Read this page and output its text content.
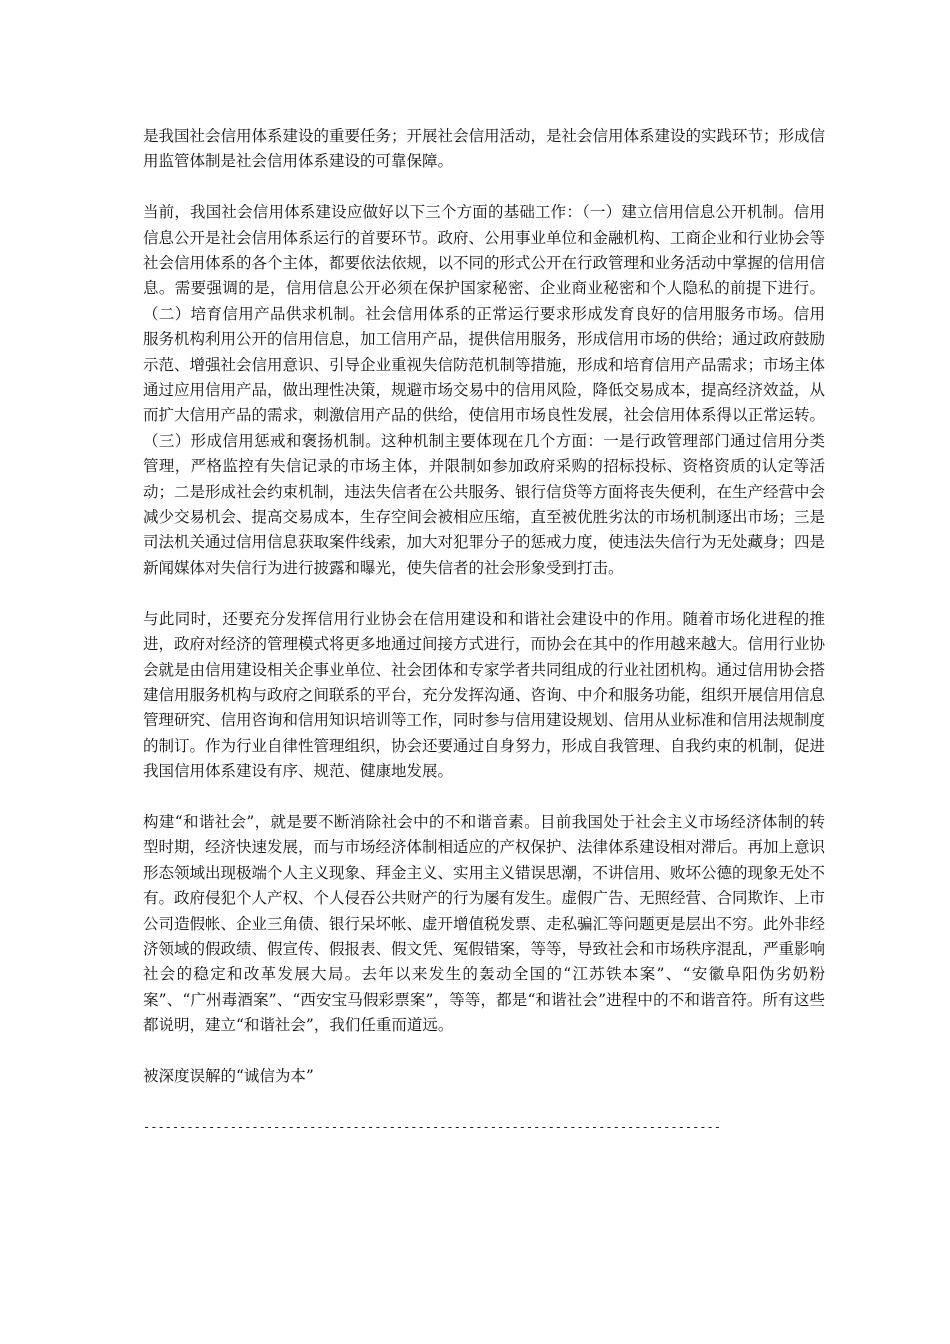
是我国社会信用体系建设的重要任务；开展社会信用活动，是社会信用体系建设的实践环节；形成信用监管体制是社会信用体系建设的可靠保障。

当前，我国社会信用体系建设应做好以下三个方面的基础工作：（一）建立信用信息公开机制。信用信息公开是社会信用体系运行的首要环节。政府、公用事业单位和金融机构、工商企业和行业协会等社会信用体系的各个主体，都要依法依规，以不同的形式公开在行政管理和业务活动中掌握的信用信息。需要强调的是，信用信息公开必须在保护国家秘密、企业商业秘密和个人隐私的前提下进行。（二）培育信用产品供求机制。社会信用体系的正常运行要求形成发育良好的信用服务市场。信用服务机构利用公开的信用信息，加工信用产品，提供信用服务，形成信用市场的供给；通过政府鼓励示范、增强社会信用意识、引导企业重视失信防范机制等措施，形成和培育信用产品需求；市场主体通过应用信用产品，做出理性决策，规避市场交易中的信用风险，降低交易成本，提高经济效益，从而扩大信用产品的需求，刺激信用产品的供给，使信用市场良性发展，社会信用体系得以正常运转。（三）形成信用惩戒和褒扬机制。这种机制主要体现在几个方面：一是行政管理部门通过信用分类管理，严格监控有失信记录的市场主体，并限制如参加政府采购的招标投标、资格资质的认定等活动；二是形成社会约束机制，违法失信者在公共服务、银行信贷等方面将丧失便利，在生产经营中会减少交易机会、提高交易成本，生存空间会被相应压缩，直至被优胜劣汰的市场机制逐出市场；三是司法机关通过信用信息获取案件线索，加大对犯罪分子的惩戒力度，使违法失信行为无处藏身；四是新闻媒体对失信行为进行披露和曝光，使失信者的社会形象受到打击。

与此同时，还要充分发挥信用行业协会在信用建设和和谐社会建设中的作用。随着市场化进程的推进，政府对经济的管理模式将更多地通过间接方式进行，而协会在其中的作用越来越大。信用行业协会就是由信用建设相关企事业单位、社会团体和专家学者共同组成的行业社团机构。通过信用协会搭建信用服务机构与政府之间联系的平台，充分发挥沟通、咨询、中介和服务功能，组织开展信用信息管理研究、信用咨询和信用知识培训等工作，同时参与信用建设规划、信用从业标准和信用法规制度的制订。作为行业自律性管理组织，协会还要通过自身努力，形成自我管理、自我约束的机制，促进我国信用体系建设有序、规范、健康地发展。

构建“和谐社会”，就是要不断消除社会中的不和谐音素。目前我国处于社会主义市场经济体制的转型时期，经济快速发展，而与市场经济体制相适应的产权保护、法律体系建设相对滞后。再加上意识形态领域出现极端个人主义现象、拜金主义、实用主义错误思潮，不讲信用、败坏公德的现象无处不有。政府侵犯个人产权、个人侵吞公共财产的行为屡有发生。虚假广告、无照经营、合同欺诈、上市公司造假帐、企业三角债、银行呆坏帐、虚开增值税发票、走私骗汇等问题更是层出不穷。此外非经济领域的假政绩、假宣传、假报表、假文凭、冤假错案，等等，导致社会和市场秩序混乱，严重影响社会的稳定和改革发展大局。去年以来发生的轰动全国的“江苏铁本案”、“安徽阜阳伪劣奶粉案”、“广州毒酒案”、“西安宝马假彩票案”，等等，都是“和谐社会”进程中的不和谐音符。所有这些都说明，建立“和谐社会”，我们任重而道远。

被深度误解的“诚信为本”

--------------------------------------------------------------------------------
